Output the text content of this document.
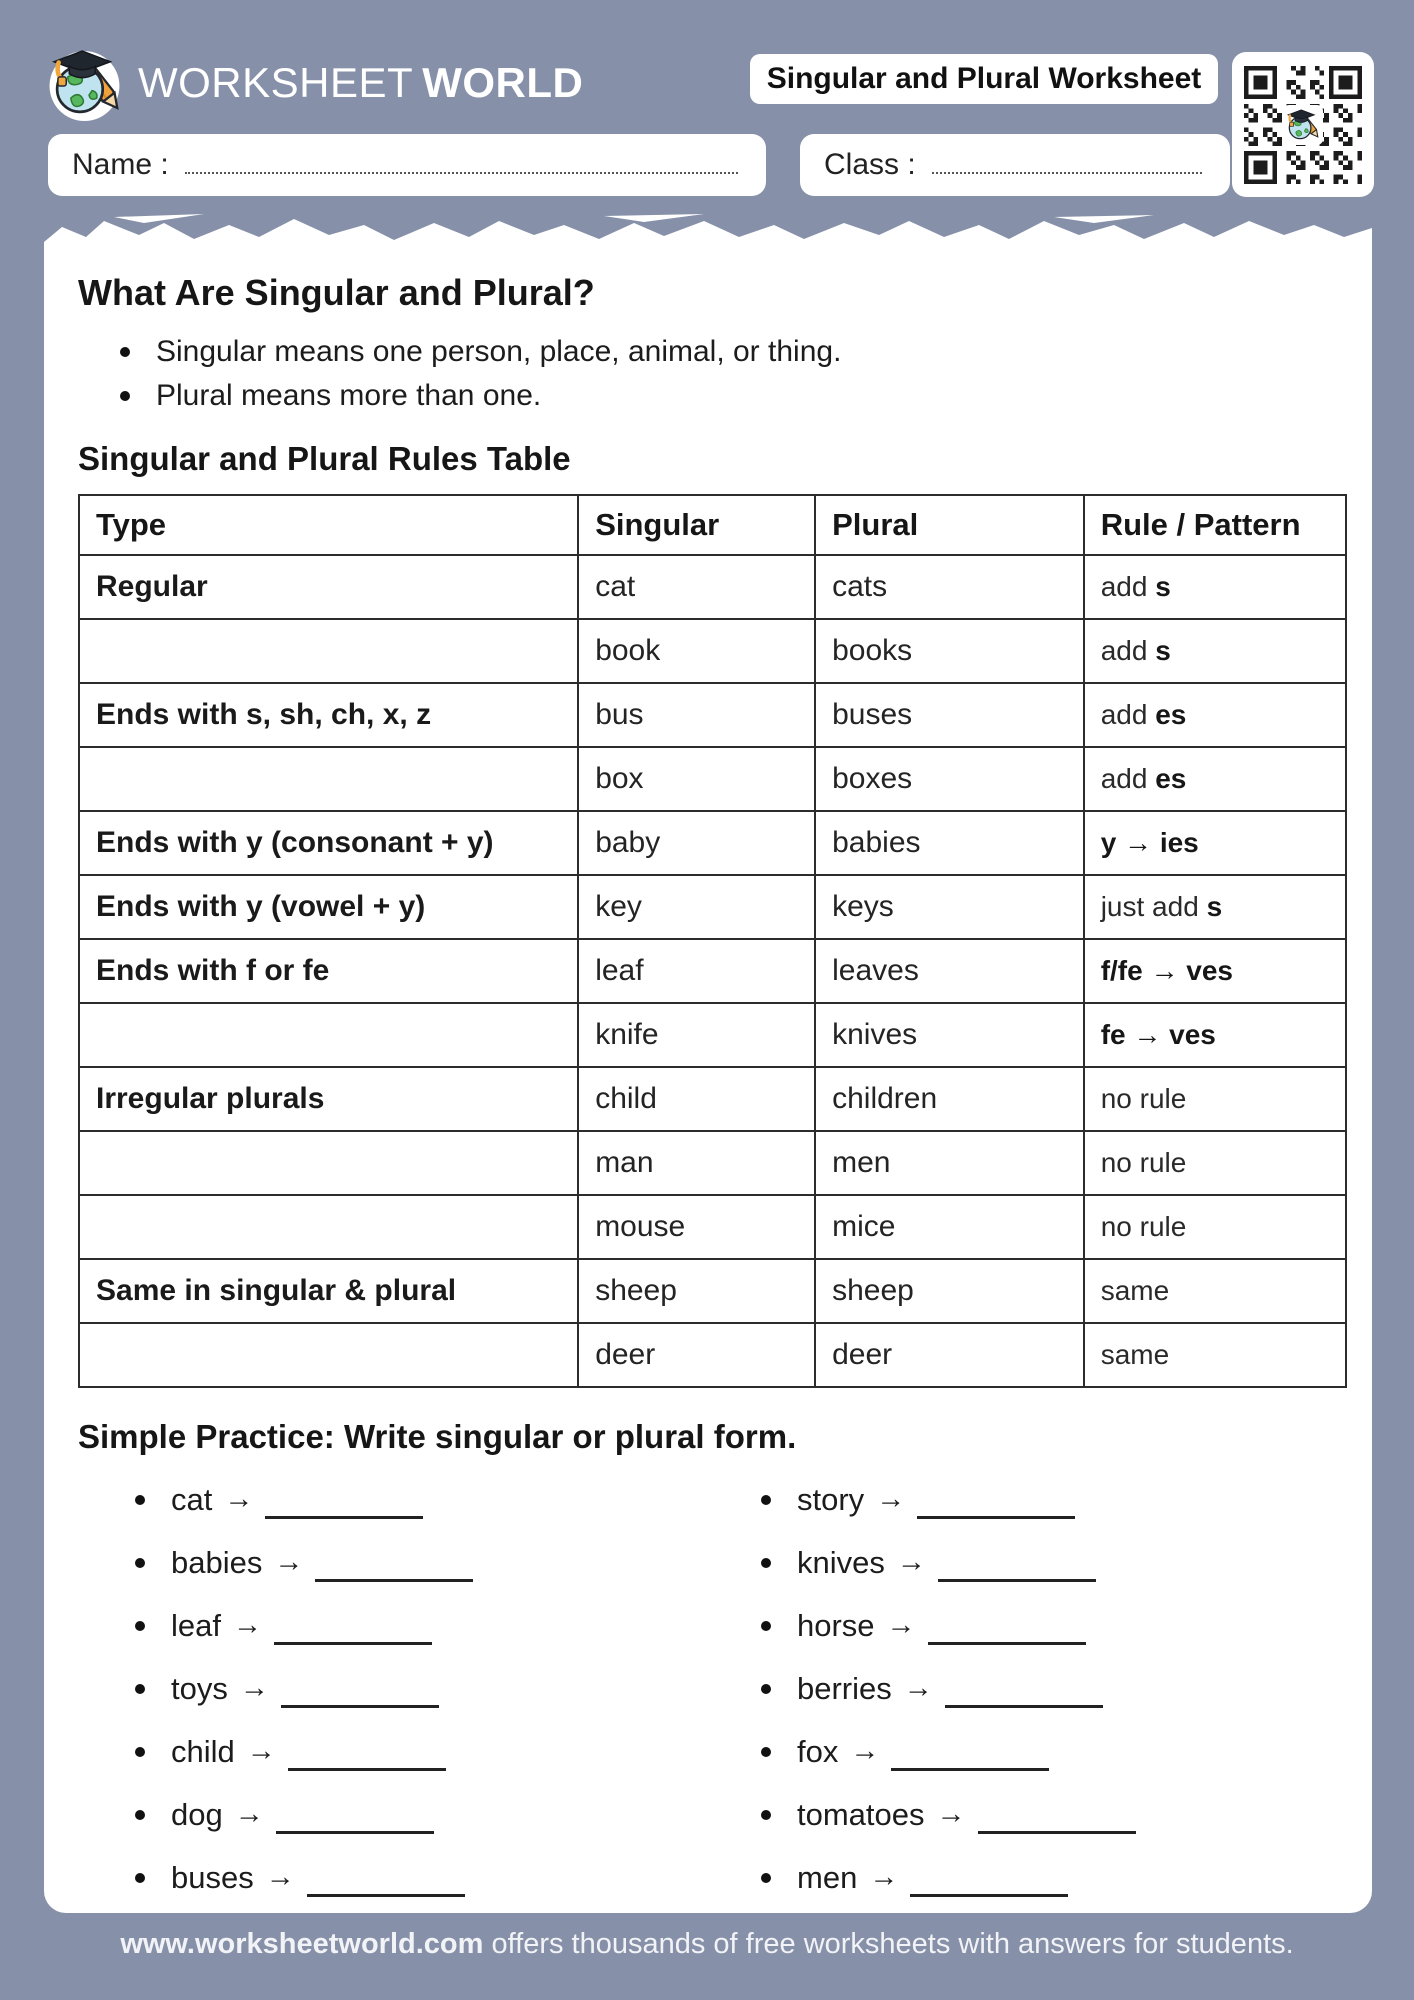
WORKSHEET WORLD	Singular and Plural Worksheet
Name :	Class :
What Are Singular and Plural?
Singular means one person, place, animal, or thing.
Plural means more than one.
Singular and Plural Rules Table
Type	Singular	Plural	Rule / Pattern
Regular	cat	cats	add s
	book	books	add s
Ends with s, sh, ch, x, z	bus	buses	add es
	box	boxes	add es
Ends with y (consonant + y)	baby	babies	y → ies
Ends with y (vowel + y)	key	keys	just add s
Ends with f or fe	leaf	leaves	f/fe → ves
	knife	knives	fe → ves
Irregular plurals	child	children	no rule
	man	men	no rule
	mouse	mice	no rule
Same in singular & plural	sheep	sheep	same
	deer	deer	same
Simple Practice: Write singular or plural form.
cat →
babies →
leaf →
toys →
child →
dog →
buses →
story →
knives →
horse →
berries →
fox →
tomatoes →
men →
www.worksheetworld.com offers thousands of free worksheets with answers for students.
